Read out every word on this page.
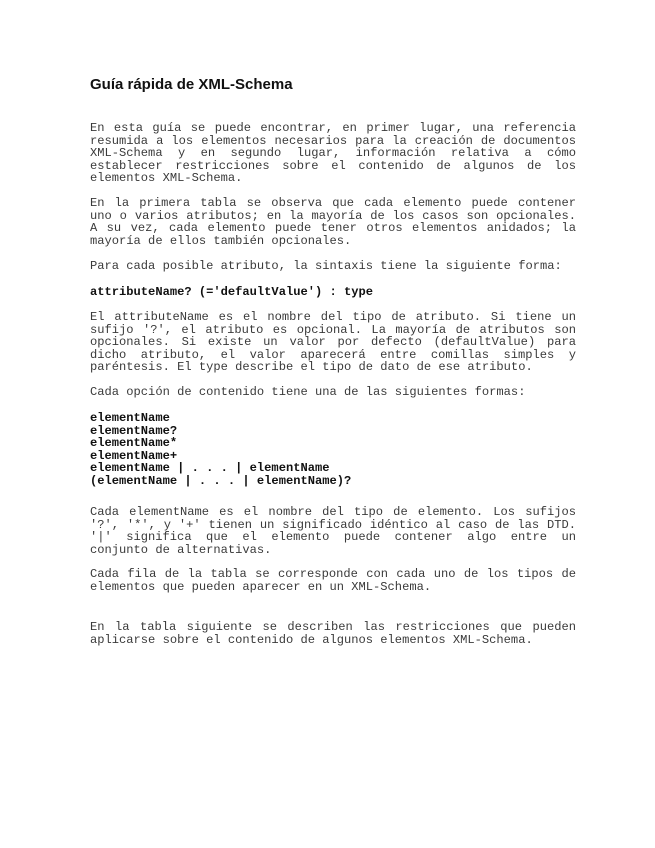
Guía rápida de XML-Schema
En esta guía se puede encontrar, en primer lugar, una referencia
resumida a los elementos necesarios para la creación de documentos
XML-Schema y en segundo lugar, información relativa a cómo
establecer restricciones sobre el contenido de algunos de los
elementos XML-Schema.
En la primera tabla se observa que cada elemento puede contener
uno o varios atributos; en la mayoría de los casos son opcionales.
A su vez, cada elemento puede tener otros elementos anidados; la
mayoría de ellos también opcionales.
Para cada posible atributo, la sintaxis tiene la siguiente forma:
attributeName? (='defaultValue') : type
El attributeName es el nombre del tipo de atributo. Si tiene un
sufijo '?', el atributo es opcional. La mayoría de atributos son
opcionales. Si existe un valor por defecto (defaultValue) para
dicho atributo, el valor aparecerá entre comillas simples y
paréntesis. El type describe el tipo de dato de ese atributo.
Cada opción de contenido tiene una de las siguientes formas:
elementName
elementName?
elementName*
elementName+
elementName | . . . | elementName
(elementName | . . . | elementName)?
Cada elementName es el nombre del tipo de elemento. Los sufijos
'?', '*', y '+' tienen un significado idéntico al caso de las DTD.
'|' significa que el elemento puede contener algo entre un
conjunto de alternativas.
Cada fila de la tabla se corresponde con cada uno de los tipos de
elementos que pueden aparecer en un XML-Schema.
En la tabla siguiente se describen las restricciones que pueden
aplicarse sobre el contenido de algunos elementos XML-Schema.
